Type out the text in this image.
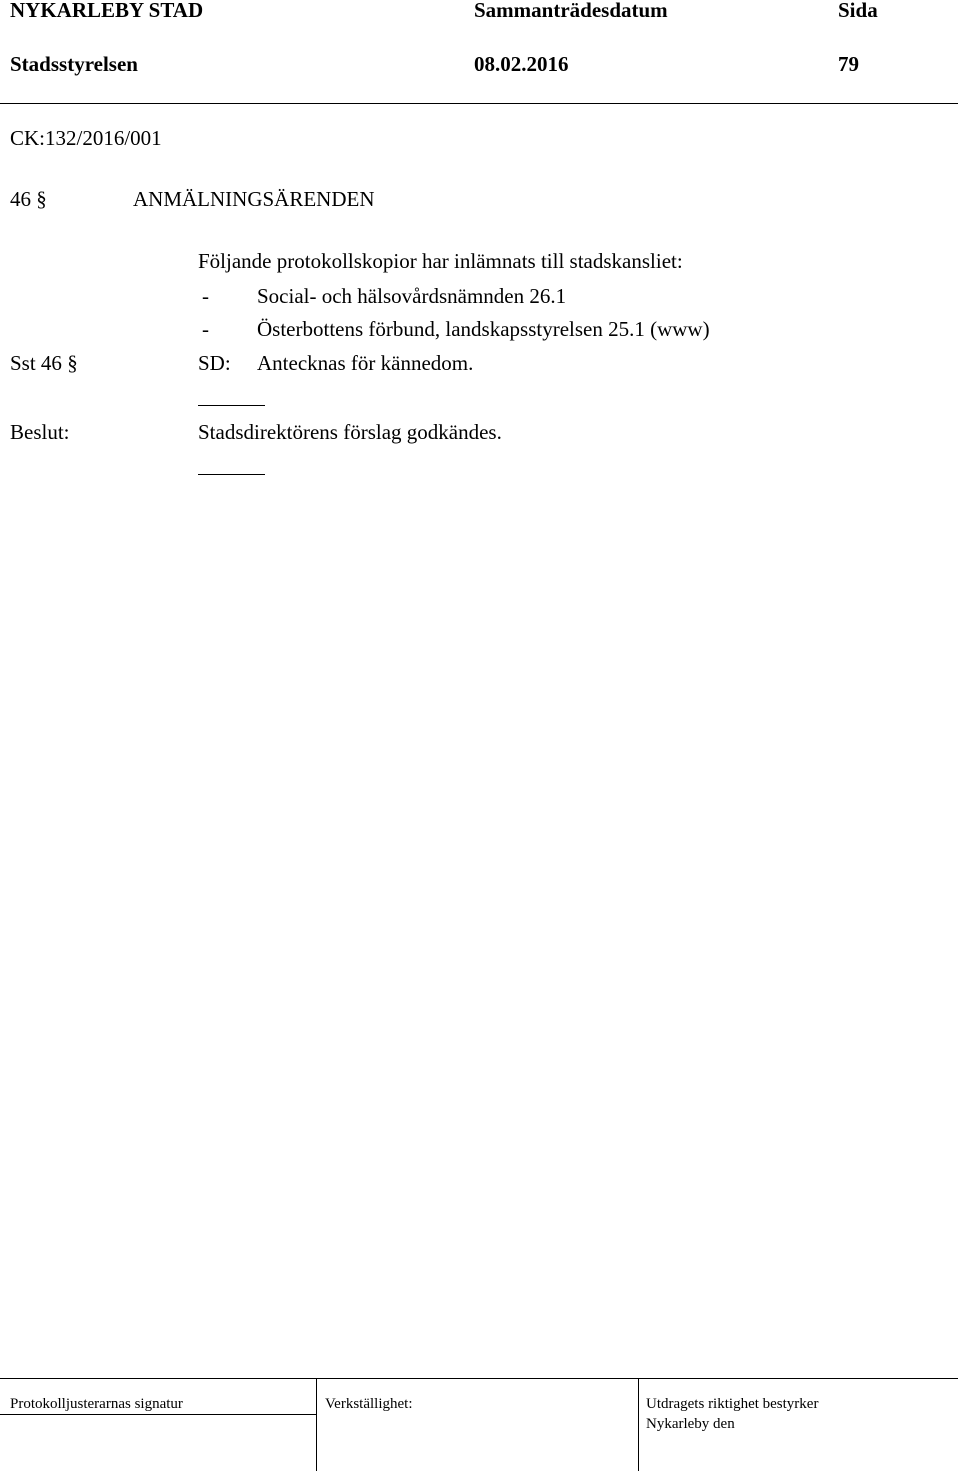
NYKARLEBY STAD	Sammanträdesdatum	Sida
Stadsstyrelsen	08.02.2016	79
CK:132/2016/001
46 §	ANMÄLNINGSÄRENDEN
Följande protokollskopior har inlämnats till stadskansliet:
- Social- och hälsovårdsnämnden 26.1
- Österbottens förbund, landskapsstyrelsen 25.1 (www)
Sst 46 §	SD: Antecknas för kännedom.
Beslut:	Stadsdirektörens förslag godkändes.
Protokolljusterarnas signatur	Verkställighet:	Utdragets riktighet bestyrker
Nykarleby den
